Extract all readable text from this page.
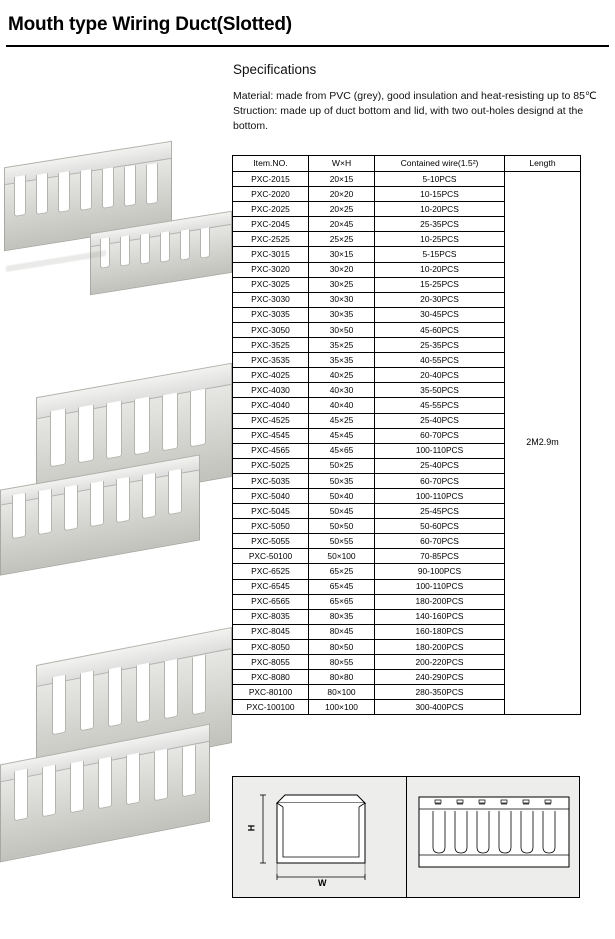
Mouth type Wiring Duct(Slotted)
Specifications

Material: made from PVC (grey), good insulation and heat-resisting up to 85℃

Struction: made up of duct bottom and lid, with two out-holes designd at the

bottom.

Item.NO.	W×H	Contained wire(1.5²)	Length
PXC-2015	20×15	5-10PCS	2M2.9m
PXC-2020	20×20	10-15PCS	
PXC-2025	20×25	10-20PCS	
PXC-2045	20×45	25-35PCS	
PXC-2525	25×25	10-25PCS	
PXC-3015	30×15	5-15PCS	
PXC-3020	30×20	10-20PCS	
PXC-3025	30×25	15-25PCS	
PXC-3030	30×30	20-30PCS	
PXC-3035	30×35	30-45PCS	
PXC-3050	30×50	45-60PCS	
PXC-3525	35×25	25-35PCS	
PXC-3535	35×35	40-55PCS	
PXC-4025	40×25	20-40PCS	
PXC-4030	40×30	35-50PCS	
PXC-4040	40×40	45-55PCS	
PXC-4525	45×25	25-40PCS	
PXC-4545	45×45	60-70PCS	
PXC-4565	45×65	100-110PCS	
PXC-5025	50×25	25-40PCS	
PXC-5035	50×35	60-70PCS	
PXC-5040	50×40	100-110PCS	
PXC-5045	50×45	25-45PCS	
PXC-5050	50×50	50-60PCS	
PXC-5055	50×55	60-70PCS	
PXC-50100	50×100	70-85PCS	
PXC-6525	65×25	90-100PCS	
PXC-6545	65×45	100-110PCS	
PXC-6565	65×65	180-200PCS	
PXC-8035	80×35	140-160PCS	
PXC-8045	80×45	160-180PCS	
PXC-8050	80×50	180-200PCS	
PXC-8055	80×55	200-220PCS	
PXC-8080	80×80	240-290PCS	
PXC-80100	80×100	280-350PCS	
PXC-100100	100×100	300-400PCS	
H
W
